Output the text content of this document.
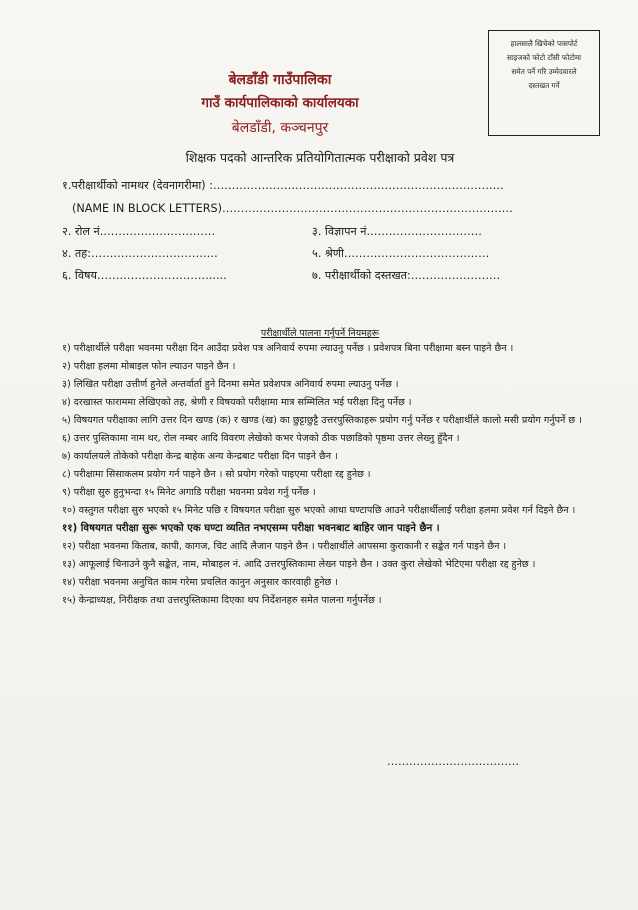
हालसालै खिचेको पासपोर्ट
साइजको फोटो टाँसी फोटोमा
समेत पर्ने गरि उम्मेदवारले
दस्तखत गर्ने
बेलडाँडी गाउँपालिका
गाउँ कार्यपालिकाको कार्यालयका
बेलडाँडी, कञ्चनपुर
शिक्षक पदको आन्तरिक प्रतियोगितात्मक परीक्षाको प्रवेश पत्र
१.परीक्षार्थीको नामथर (देवनागरीमा) :……………………………………………………………………
(NAME IN BLOCK LETTERS)……………………………………………………………………
२. रोल नं.…………………………	३. विज्ञापन नं.…………………………
४. तह:…………………………….	५. श्रेणी…………………………………
६. विषय………………………….....	७. परीक्षार्थीको दस्तखत:……………………
परीक्षार्थीले पालना गर्नुपर्ने नियमहरू
१) परीक्षार्थीले परीक्षा भवनमा परीक्षा दिन आउँदा प्रवेश पत्र अनिवार्य रुपमा ल्याउनु पर्नेछ । प्रवेशपत्र बिना परीक्षामा बस्न पाइने छैन ।
२) परीक्षा हलमा मोबाइल फोन ल्याउन पाइने छैन ।
३) लिखित परीक्षा उत्तीर्ण हुनेले अन्तर्वार्ता हुने दिनमा समेत प्रवेशपत्र अनिवार्य रुपमा ल्याउनु पर्नेछ ।
४) दरखास्त फाराममा लेखिएको तह, श्रेणी र विषयको परीक्षामा मात्र सम्मिलित भई परीक्षा दिनु पर्नेछ ।
५) विषयगत परीक्षाका लागि उत्तर दिन खण्ड (क) र खण्ड (ख) का छुट्टाछुट्टै उत्तरपुस्तिकाहरू प्रयोग गर्नु पर्नेछ र परीक्षार्थीले कालो मसी प्रयोग गर्नुपर्ने छ ।
६) उत्तर पुस्तिकामा नाम थर, रोल नम्बर आदि विवरण लेखेको कभर पेजको ठीक पछाडिको पृष्ठमा उत्तर लेख्नु हुँदैन ।
७) कार्यालयले तोकेको परीक्षा केन्द्र बाहेक अन्य केन्द्रबाट परीक्षा दिन पाइने छैन ।
८) परीक्षामा सिसाकलम प्रयोग गर्न पाइने छैन । सो प्रयोग गरेको पाइएमा परीक्षा रद्द हुनेछ ।
९) परीक्षा सुरु हुनुभन्दा १५ मिनेट अगाडि परीक्षा भवनमा प्रवेश गर्नु पर्नेछ ।
१०) वस्तुगत परीक्षा सुरु भएको १५ मिनेट पछि र विषयगत परीक्षा सुरु भएको आधा घण्टापछि आउने परीक्षार्थीलाई परीक्षा हलमा प्रवेश गर्न दिइने छैन ।
११) विषयगत परीक्षा सुरू भएको एक घण्टा व्यतित नभएसम्म परीक्षा भवनबाट बाहिर जान पाइने छैन ।
१२) परीक्षा भवनमा किताब, कापी, कागज, चिट आदि लैजान पाइने छैन । परीक्षार्थीले आपसमा कुराकानी र सङ्केत गर्न पाइने छैन ।
१३) आफूलाई चिनाउने कुनै सङ्केत, नाम, मोबाइल नं. आदि उत्तरपुस्तिकामा लेख्न पाइने छैन । उक्त कुरा लेखेको भेटिएमा परीक्षा रद्द हुनेछ ।
१४) परीक्षा भवनमा अनुचित काम गरेमा प्रचलित कानुन अनुसार कारवाही हुनेछ ।
१५) केन्द्राध्यक्ष, निरीक्षक तथा उत्तरपुस्तिकामा दिएका थप निर्देशनहरु समेत पालना गर्नुपर्नेछ ।
………………………………
